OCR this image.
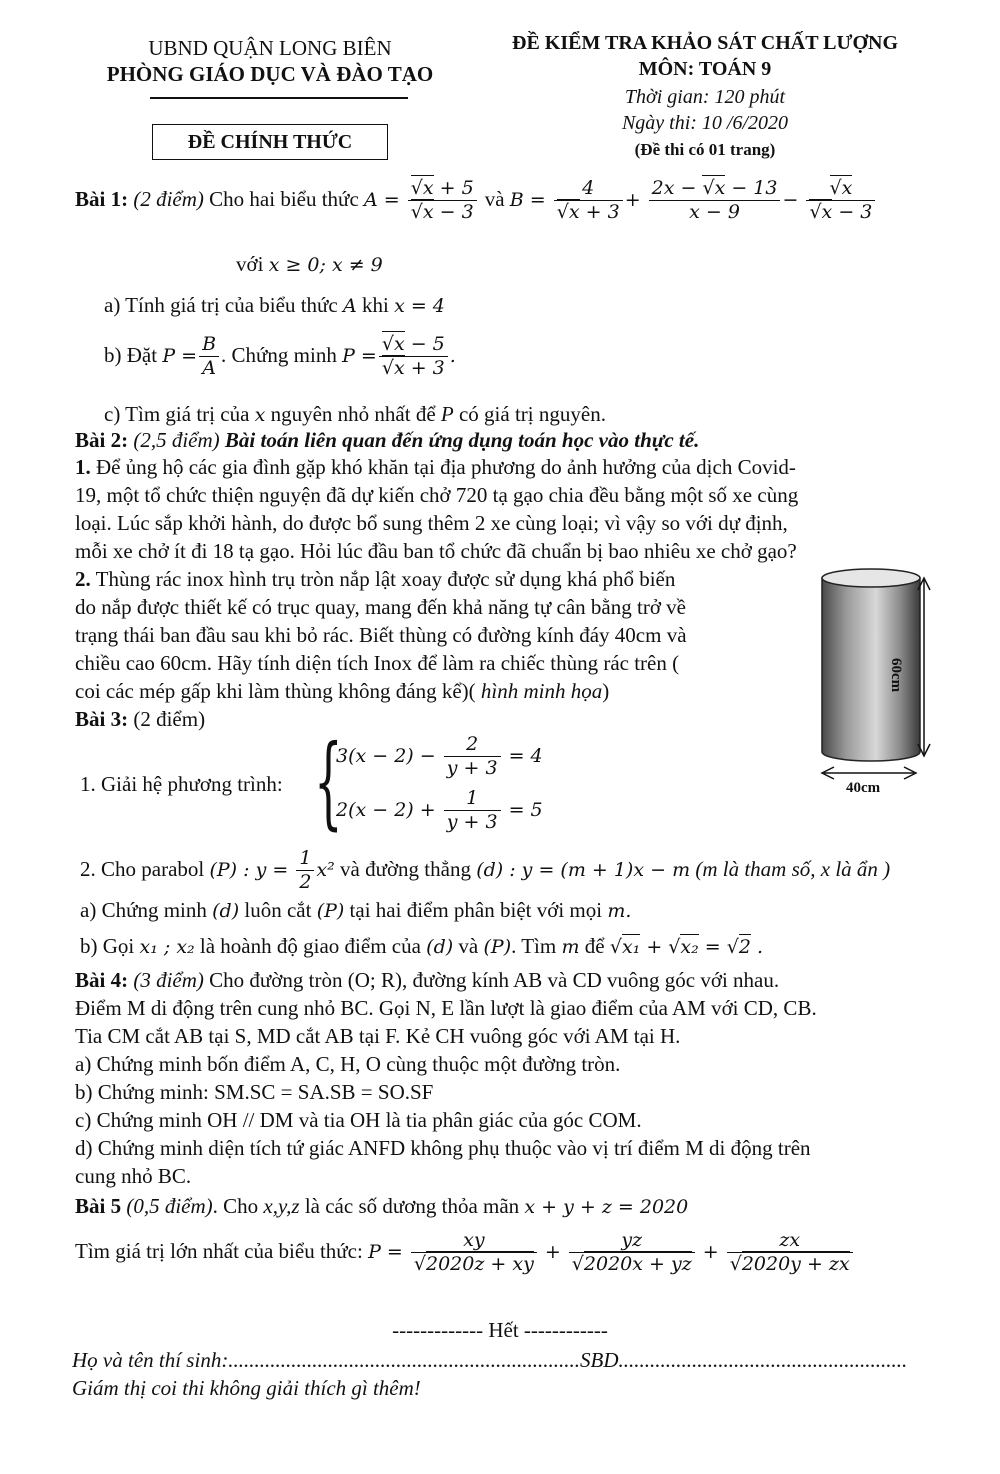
UBND QUẬN LONG BIÊN
PHÒNG GIÁO DỤC VÀ ĐÀO TẠO
ĐỀ CHÍNH THỨC
ĐỀ KIỂM TRA KHẢO SÁT CHẤT LƯỢNG
MÔN: TOÁN 9
Thời gian: 120 phút
Ngày thi: 10 /6/2020
(Đề thi có 01 trang)
Bài 1: (2 điểm) Cho hai biểu thức $A = \frac{√x + 5}{√x - 3}$ và $B = \frac{4}{√x + 3} + \frac{2x - √x - 13}{x - 9} - \frac{√x}{√x - 3}$
với x ≥ 0; x ≠ 9
a) Tính giá trị của biểu thức A khi x = 4
b) Đặt $P = \frac{B}{A}$ . Chứng minh $P = \frac{√x - 5}{√x + 3}$ .
c) Tìm giá trị của x nguyên nhỏ nhất để P có giá trị nguyên.
Bài 2: (2,5 điểm) Bài toán liên quan đến ứng dụng toán học vào thực tế.
1. Để ủng hộ các gia đình gặp khó khăn tại địa phương do ảnh hưởng của dịch Covid-
19, một tổ chức thiện nguyện đã dự kiến chở 720 tạ gạo chia đều bằng một số xe cùng
loại. Lúc sắp khởi hành, do được bổ sung thêm 2 xe cùng loại; vì vậy so với dự định,
mỗi xe chở ít đi 18 tạ gạo. Hỏi lúc đầu ban tổ chức đã chuẩn bị bao nhiêu xe chở gạo?
2. Thùng rác inox hình trụ tròn nắp lật xoay được sử dụng khá phổ biến
do nắp được thiết kế có trục quay, mang đến khả năng tự cân bằng trở về
trạng thái ban đầu sau khi bỏ rác. Biết thùng có đường kính đáy 40cm và
chiều cao 60cm. Hãy tính diện tích Inox để làm ra chiếc thùng rác trên (
coi các mép gấp khi làm thùng không đáng kể)( hình minh họa)	60cm
40cm
Bài 3: (2 điểm)
1. Giải hệ phương trình: {
$3(x - 2) - \frac{2}{y + 3} = 4$
$2(x - 2) + \frac{1}{y + 3} = 5$
2. Cho parabol (P) : $y = \frac{1}{2} x^2$ và đường thẳng (d) : y = (m + 1)x − m (m là tham số, x là ẩn )
a) Chứng minh (d) luôn cắt (P) tại hai điểm phân biệt với mọi m.
b) Gọi x₁ ; x₂ là hoành độ giao điểm của (d) và (P). Tìm m để √x₁ + √x₂ = √2 .
Bài 4: (3 điểm) Cho đường tròn (O; R), đường kính AB và CD vuông góc với nhau.
Điểm M di động trên cung nhỏ BC. Gọi N, E lần lượt là giao điểm của AM với CD, CB.
Tia CM cắt AB tại S, MD cắt AB tại F. Kẻ CH vuông góc với AM tại H.
a) Chứng minh bốn điểm A, C, H, O cùng thuộc một đường tròn.
b) Chứng minh: SM.SC = SA.SB = SO.SF
c) Chứng minh OH // DM và tia OH là tia phân giác của góc COM.
d) Chứng minh diện tích tứ giác ANFD không phụ thuộc vào vị trí điểm M di động trên
cung nhỏ BC.
Bài 5 (0,5 điểm). Cho x,y,z là các số dương thỏa mãn x + y + z = 2020
Tìm giá trị lớn nhất của biểu thức: $P = \frac{xy}{√2020z + xy} + \frac{yz}{√2020x + yz} + \frac{zx}{√2020y + zx}$
------------- Hết ------------
Họ và tên thí sinh:...................................................................SBD.......................................................
Giám thị coi thi không giải thích gì thêm!
